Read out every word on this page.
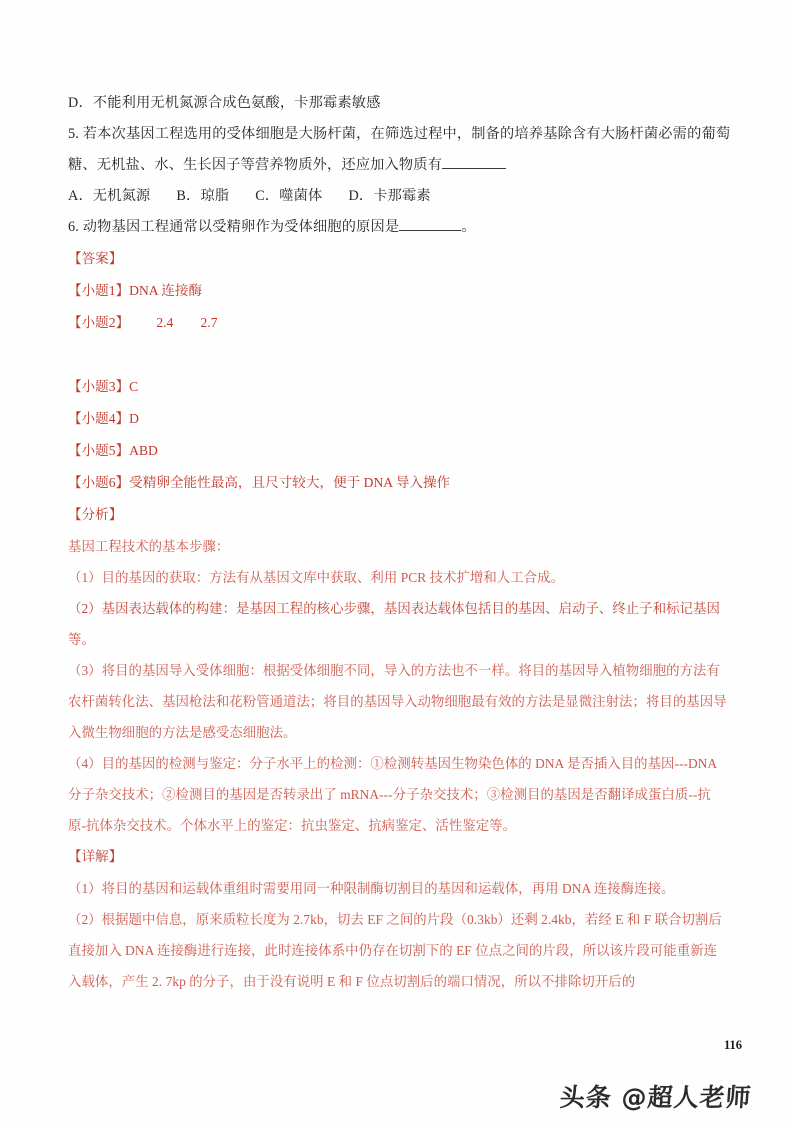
D．不能利用无机氮源合成色氨酸，卡那霉素敏感
5. 若本次基因工程选用的受体细胞是大肠杆菌，在筛选过程中，制备的培养基除含有大肠杆菌必需的葡萄
糖、无机盐、水、生长因子等营养物质外，还应加入物质有
A．无机氮源 B．琼脂 C．噬菌体 D．卡那霉素
6. 动物基因工程通常以受精卵作为受体细胞的原因是	。
【答案】
【小题1】DNA 连接酶
【小题2】        2.4        2.7
【小题3】C
【小题4】D
【小题5】ABD
【小题6】受精卵全能性最高，且尺寸较大，便于 DNA 导入操作
【分析】

基因工程技术的基本步骤：

（1）目的基因的获取：方法有从基因文库中获取、利用 PCR 技术扩增和人工合成。

（2）基因表达载体的构建：是基因工程的核心步骤，基因表达载体包括目的基因、启动子、终止子和标记基因等。

（3）将目的基因导入受体细胞：根据受体细胞不同，导入的方法也不一样。将目的基因导入植物细胞的方法有农杆菌转化法、基因枪法和花粉管通道法；将目的基因导入动物细胞最有效的方法是显微注射法；将目的基因导入微生物细胞的方法是感受态细胞法。

（4）目的基因的检测与鉴定：分子水平上的检测：①检测转基因生物染色体的 DNA 是否插入目的基因---DNA 分子杂交技术；②检测目的基因是否转录出了 mRNA---分子杂交技术；③检测目的基因是否翻译成蛋白质--抗原-抗体杂交技术。个体水平上的鉴定：抗虫鉴定、抗病鉴定、活性鉴定等。

【详解】

（1）将目的基因和运载体重组时需要用同一种限制酶切割目的基因和运载体，再用 DNA 连接酶连接。

（2）根据题中信息，原来质粒长度为 2.7kb，切去 EF 之间的片段（0.3kb）还剩 2.4kb，若经 E 和 F 联合切割后直接加入 DNA 连接酶进行连接，此时连接体系中仍存在切割下的 EF 位点之间的片段，所以该片段可能重新连入载体，产生 2. 7kp 的分子，由于没有说明 E 和 F 位点切割后的端口情况，所以不排除切开后的

116
头条 @超人老师
